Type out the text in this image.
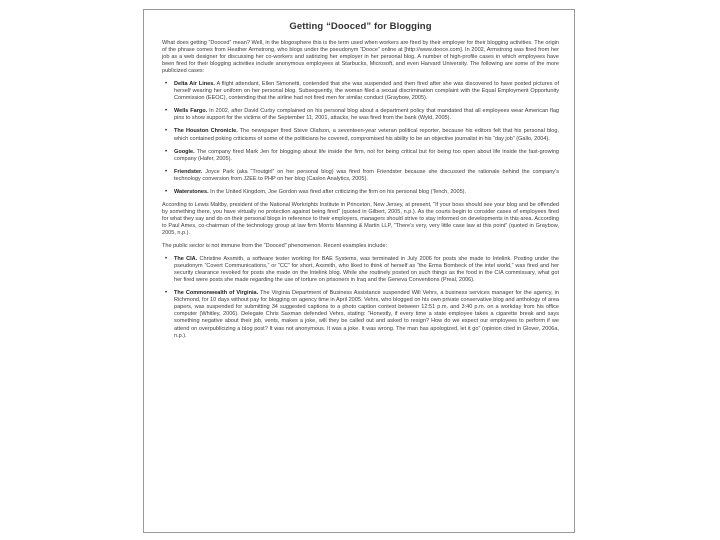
Getting “Dooced” for Blogging

What does getting “Dooced” mean? Well, in the blogosphere this is the term used when workers are fired by their employer for their blogging activities. The origin of the phrase comes from Heather Armstrong, who blogs under the pseudonym “Dooce” online at [http://www.dooce.com]. In 2002, Armstrong was fired from her job as a web designer for discussing her co-workers and satirizing her employer in her personal blog. A number of high-profile cases in which employees have been fired for their blogging activities include anonymous employees at Starbucks, Microsoft, and even Harvard University. The following are some of the more publicized cases:

• Delta Air Lines. A flight attendant, Ellen Simonetti, contended that she was suspended and then fired after she was discovered to have posted pictures of herself wearing her uniform on her personal blog. Subsequently, the woman filed a sexual discrimination complaint with the Equal Employment Opportunity Commission (EEOC), contending that the airline had not fired men for similar conduct (Graybow, 2005).
• Wells Fargo. In 2002, after David Curby complained on his personal blog about a department policy that mandated that all employees wear American flag pins to show support for the victims of the September 11, 2001, attacks, he was fired from the bank (Wyld, 2005).
• The Houston Chronicle. The newspaper fired Steve Olafson, a seventeen-year veteran political reporter, because his editors felt that his personal blog, which contained poking criticisms of some of the politicians he covered, compromised his ability to be an objective journalist in his “day job” (Gallo, 2004).
• Google. The company fired Mark Jen for blogging about life inside the firm, not for being critical but for being too open about life inside the fast-growing company (Hafer, 2005).
• Friendster. Joyce Park (aka “Troutgirl” on her personal blog) was fired from Friendster because she discussed the rationale behind the company’s technology conversion from J2EE to PHP on her blog (Caslon Analytics, 2005).
• Waterstones. In the United Kingdom, Joe Gordon was fired after criticizing the firm on his personal blog (Tench, 2005).

According to Lewis Maltby, president of the National Workrights Institute in Princeton, New Jersey, at present, “If your boss should see your blog and be offended by something there, you have virtually no protection against being fired” (quoted in Gilbert, 2005, n.p.). As the courts begin to consider cases of employees fired for what they say and do on their personal blogs in reference to their employers, managers should strive to stay informed on developments in this area. According to Paul Ames, co-chairman of the technology group at law firm Morris Manning & Martin LLP, “There’s very, very little case law at this point” (quoted in Graybow, 2005, n.p.).

The public sector is not immune from the “Dooced” phenomenon. Recent examples include:

• The CIA. Christine Axsmith, a software tester working for BAE Systems, was terminated in July 2006 for posts she made to Intelink. Posting under the pseudonym “Covert Communications,” or “CC” for short, Axsmith, who liked to think of herself as “the Erma Bombeck of the intel world,” was fired and her security clearance revoked for posts she made on the Intelink blog. While she routinely posted on such things as the food in the CIA commissary, what got her fired were posts she made regarding the use of torture on prisoners in Iraq and the Geneva Conventions (Preal, 2006).
• The Commonwealth of Virginia. The Virginia Department of Business Assistance suspended Will Vehrs, a business services manager for the agency, in Richmond, for 10 days without pay for blogging on agency time in April 2005. Vehrs, who blogged on his own private conservative blog and anthology of area papers, was suspended for submitting 34 suggested captions to a photo caption contest between 12:51 p.m. and 3:40 p.m. on a workday from his office computer (Whitley, 2006). Delegate Chris Saxman defended Vehrs, stating: “Honestly, if every time a state employee takes a cigarette break and says something negative about their job, vents, makes a joke, will they be called out and asked to resign? How do we expect our employees to perform if we attend on overpublicizing a blog post? It was not anonymous. It was a joke. It was wrong. The man has apologized, let it go” (opinion cited in Glover, 2006a, n.p.).
